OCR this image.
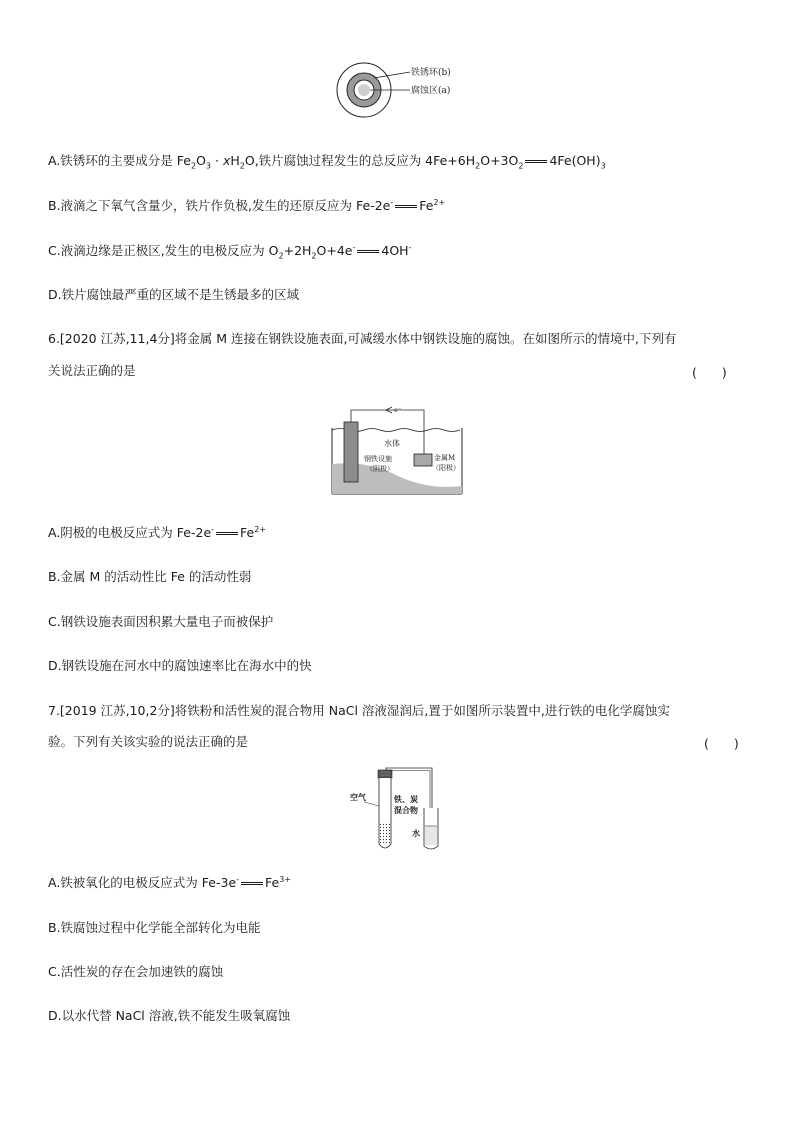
铁锈环(b)
腐蚀区(a)
A.铁锈环的主要成分是 $Fe_2O_3 \cdot xH_2O$,铁片腐蚀过程发生的总反应为 $4Fe+6H_2O+3O_2$ $4Fe(OH)_3$
B.液滴之下氧气含量少，铁片作负极,发生的还原反应为 Fe-2e- $Fe^{2+}$
C.液滴边缘是正极区,发生的电极反应为 $O_2+2H_2O+4e^-$ 4OH-
D.铁片腐蚀最严重的区域不是生锈最多的区域
6.[2020 江苏,11,4分]将金属 M 连接在钢铁设施表面,可减缓水体中钢铁设施的腐蚀。在如图所示的情境中,下列有
关说法正确的是	(　　)
e⁻
水体
钢铁设施
（阴极）
金属M
（阳极）
A.阴极的电极反应式为 Fe-2e- $Fe^{2+}$
B.金属 M 的活动性比 Fe 的活动性弱
C.钢铁设施表面因积累大量电子而被保护
D.钢铁设施在河水中的腐蚀速率比在海水中的快
7.[2019 江苏,10,2分]将铁粉和活性炭的混合物用 NaCl 溶液湿润后,置于如图所示装置中,进行铁的电化学腐蚀实
验。下列有关该实验的说法正确的是	(　　)
空气	铁、炭
混合物
水
A.铁被氧化的电极反应式为 Fe-3e- $Fe^{3+}$
B.铁腐蚀过程中化学能全部转化为电能
C.活性炭的存在会加速铁的腐蚀
D.以水代替 NaCl 溶液,铁不能发生吸氧腐蚀
